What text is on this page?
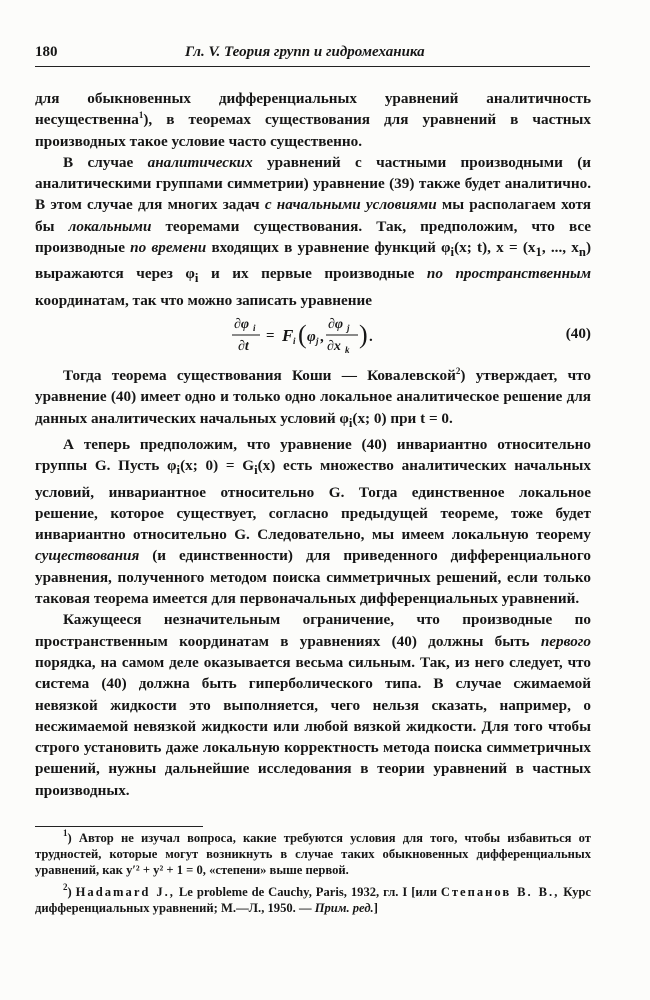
180	Гл. V. Теория групп и гидромеханика

для обыкновенных дифференциальных уравнений аналитичность несущественна$^1$), в теоремах существования для уравнений в частных производных такое условие часто существенно.

В случае аналитических уравнений с частными производными (и аналитическими группами симметрии) уравнение (39) также будет аналитично. В этом случае для многих задач с начальными условиями мы располагаем хотя бы локальными теоремами существования. Так, предположим, что все производные по времени входящих в уравнение функций $\varphi_i(x$; t), $x = (x_1$, ..., $x_n$) выражаются через $\varphi_i$ и их первые производные по пространственным координатам, так что можно записать уравнение

∂φ i
∂t
= F i ( φ j ,
∂φ j
∂x k
) .	(40)

Тогда теорема существования Коши — Ковалевской$^2$) утверждает, что уравнение (40) имеет одно и только одно локальное аналитическое решение для данных аналитических начальных условий $\varphi_i(x$; 0) при t = 0.

А теперь предположим, что уравнение (40) инвариантно относительно группы G. Пусть $\varphi_i(x$; $0) = G_i(x)$ есть множество аналитических начальных условий, инвариантное относительно G. Тогда единственное локальное решение, которое существует, согласно предыдущей теореме, тоже будет инвариантно относительно G. Следовательно, мы имеем локальную теорему существования (и единственности) для приведенного дифференциального уравнения, полученного методом поиска симметричных решений, если только таковая теорема имеется для первоначальных дифференциальных уравнений.

Кажущееся незначительным ограничение, что производные по пространственным координатам в уравнениях (40) должны быть первого порядка, на самом деле оказывается весьма сильным. Так, из него следует, что система (40) должна быть гиперболического типа. В случае сжимаемой невязкой жидкости это выполняется, чего нельзя сказать, например, о несжимаемой невязкой жидкости или любой вязкой жидкости. Для того чтобы строго установить даже локальную корректность метода поиска симметричных решений, нужны дальнейшие исследования в теории уравнений в частных производных.

$^1$) Автор не изучал вопроса, какие требуются условия для того, чтобы избавиться от трудностей, которые могут возникнуть в случае таких обыкновенных дифференциальных уравнений, как y′² + y² + 1 = 0, «степени» выше первой.

$^2$) Hadamard J., Le probleme de Cauchy, Paris, 1932, гл. I [или Степанов В. В., Курс дифференциальных уравнений; М.—Л., 1950. — Прим. ред.]
